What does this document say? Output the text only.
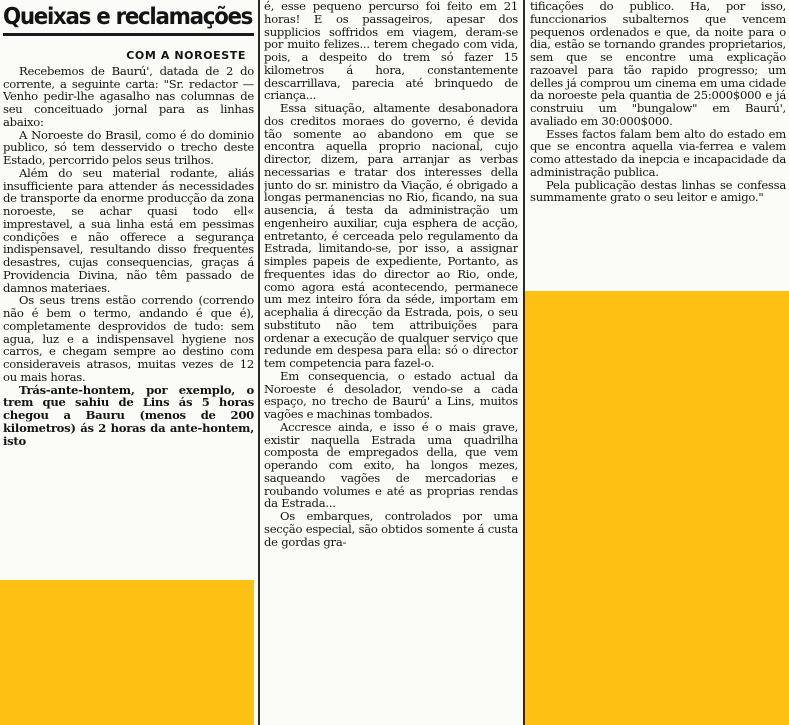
Queixas e reclamações
COM A NOROESTE

Recebemos de Baurú', datada de 2 do corrente, a seguinte carta: "Sr. redactor — Venho pedir-lhe agasalho nas columnas de seu conceituado jornal para as linhas abaixo:

A Noroeste do Brasil, como é do dominio publico, só tem desservido o trecho deste Estado, percorrido pelos seus trilhos.

Além do seu material rodante, aliás insufficiente para attender ás necessidades de transporte da enorme producção da zona noroeste, se achar quasi todo ell« imprestavel, a sua linha está em pessimas condições e não offerece a segurança indispensavel, resultando disso frequentes desastres, cujas consequencias, graças á Providencia Divina, não têm passado de damnos materiaes.

Os seus trens estão correndo (correndo não é bem o termo, andando é que é), completamente desprovidos de tudo: sem agua, luz e a indispensavel hygiene nos carros, e chegam sempre ao destino com consideraveis atrasos, muitas vezes de 12 ou mais horas.

Trás-ante-hontem, por exemplo, o trem que sahiu de Lins ás 5 horas chegou a Bauru (menos de 200 kilometros) ás 2 horas da ante-hontem, isto

é, esse pequeno percurso foi feito em 21 horas! E os passageiros, apesar dos supplicios soffridos em viagem, deram-se por muito felizes... terem chegado com vida, pois, a despeito do trem só fazer 15 kilometros á hora, constantemente descarrillava, parecia até brinquedo de criança...

Essa situação, altamente desabonadora dos creditos moraes do governo, é devida tão somente ao abandono em que se encontra aquella proprio nacional, cujo director, dizem, para arranjar as verbas necessarias e tratar dos interesses della junto do sr. ministro da Viação, é obrigado a longas permanencias no Rio, ficando, na sua ausencia, á testa da administração um engenheiro auxiliar, cuja esphera de acção, entretanto, é cerceada pelo regulamento da Estrada, limitando-se, por isso, a assignar simples papeis de expediente, Portanto, as frequentes idas do director ao Rio, onde, como agora está acontecendo, permanece um mez inteiro fóra da séde, importam em acephalia á direcção da Estrada, pois, o seu substituto não tem attribuições para ordenar a execução de qualquer serviço que redunde em despesa para ella: só o director tem competencia para fazel-o.

Em consequencia, o estado actual da Noroeste é desolador, vendo-se a cada espaço, no trecho de Baurú' a Lins, muitos vagões e machinas tombados.

Accresce ainda, e isso é o mais grave, existir naquella Estrada uma quadrilha composta de empregados della, que vem operando com exito, ha longos mezes, saqueando vagões de mercadorias e roubando volumes e até as proprias rendas da Estrada...

Os embarques, controlados por uma secção especial, são obtidos somente á custa de gordas gra-

tificações do publico. Ha, por isso, funccionarios subalternos que vencem pequenos ordenados e que, da noite para o dia, estão se tornando grandes proprietarios, sem que se encontre uma explicação razoavel para tão rapido progresso; um delles já comprou um cinema em uma cidade da noroeste pela quantia de 25:000$000 e já construiu um "bungalow" em Baurú', avaliado em 30:000$000.

Esses factos falam bem alto do estado em que se encontra aquella via-ferrea e valem como attestado da inepcia e incapacidade da administração publica.

Pela publicação destas linhas se confessa summamente grato o seu leitor e amigo."
